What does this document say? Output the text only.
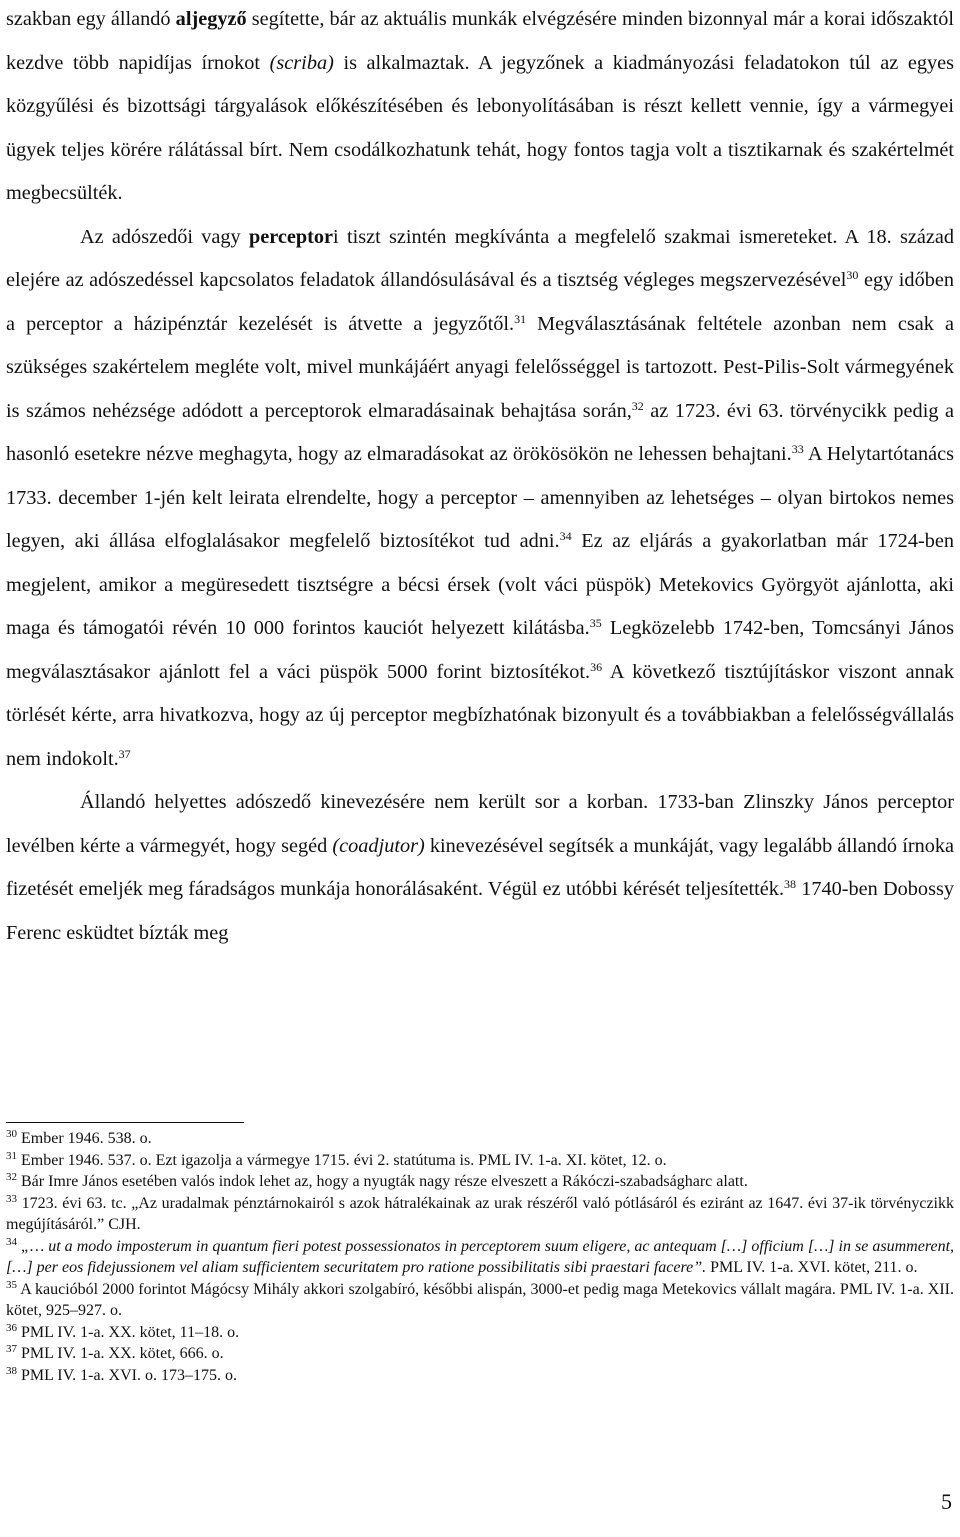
szakban egy állandó aljegyző segítette, bár az aktuális munkák elvégzésére minden bizonnyal már a korai időszaktól kezdve több napidíjas írnokot (scriba) is alkalmaztak. A jegyzőnek a kiadmányozási feladatokon túl az egyes közgyűlési és bizottsági tárgyalások előkészítésében és lebonyolításában is részt kellett vennie, így a vármegyei ügyek teljes körére rálátással bírt. Nem csodálkozhatunk tehát, hogy fontos tagja volt a tisztikarnak és szakértelmét megbecsülték.

Az adószedői vagy perceptori tiszt szintén megkívánta a megfelelő szakmai ismereteket. A 18. század elejére az adószedéssel kapcsolatos feladatok állandósulásával és a tisztség végleges megszervezésével$^{30}$ egy időben a perceptor a házipénztár kezelését is átvette a jegyzőtől.$^{31}$ Megválasztásának feltétele azonban nem csak a szükséges szakértelem megléte volt, mivel munkájáért anyagi felelősséggel is tartozott. Pest-Pilis-Solt vármegyének is számos nehézsége adódott a perceptorok elmaradásainak behajtása során,$^{32}$ az 1723. évi 63. törvénycikk pedig a hasonló esetekre nézve meghagyta, hogy az elmaradásokat az örökösökön ne lehessen behajtani.$^{33}$ A Helytartótanács 1733. december 1-jén kelt leirata elrendelte, hogy a perceptor – amennyiben az lehetséges – olyan birtokos nemes legyen, aki állása elfoglalásakor megfelelő biztosítékot tud adni.$^{34}$ Ez az eljárás a gyakorlatban már 1724-ben megjelent, amikor a megüresedett tisztségre a bécsi érsek (volt váci püspök) Metekovics Györgyöt ajánlotta, aki maga és támogatói révén 10 000 forintos kauciót helyezett kilátásba.$^{35}$ Legközelebb 1742-ben, Tomcsányi János megválasztásakor ajánlott fel a váci püspök 5000 forint biztosítékot.$^{36}$ A következő tisztújításkor viszont annak törlését kérte, arra hivatkozva, hogy az új perceptor megbízhatónak bizonyult és a továbbiakban a felelősségvállalás nem indokolt.$^{37}$

Állandó helyettes adószedő kinevezésére nem került sor a korban. 1733-ban Zlinszky János perceptor levélben kérte a vármegyét, hogy segéd (coadjutor) kinevezésével segítsék a munkáját, vagy legalább állandó írnoka fizetését emeljék meg fáradságos munkája honorálásaként. Végül ez utóbbi kérését teljesítették.$^{38}$ 1740-ben Dobossy Ferenc esküdtet bízták meg

$^{30}$ Ember 1946. 538. o.

$^{31}$ Ember 1946. 537. o. Ezt igazolja a vármegye 1715. évi 2. statútuma is. PML IV. 1-a. XI. kötet, 12. o.

$^{32}$ Bár Imre János esetében valós indok lehet az, hogy a nyugták nagy része elveszett a Rákóczi-szabadságharc alatt.

$^{33}$ 1723. évi 63. tc. „Az uradalmak pénztárnokairól s azok hátralékainak az urak részéről való pótlásáról és eziránt az 1647. évi 37-ik törvényczikk megújításáról.” CJH.

$^{34}$ „… ut a modo imposterum in quantum fieri potest possessionatos in perceptorem suum eligere, ac antequam […] officium […] in se asummerent, […] per eos fidejussionem vel aliam sufficientem securitatem pro ratione possibilitatis sibi praestari facere”. PML IV. 1-a. XVI. kötet, 211. o.

$^{35}$ A kaucióból 2000 forintot Mágócsy Mihály akkori szolgabíró, későbbi alispán, 3000-et pedig maga Metekovics vállalt magára. PML IV. 1-a. XII. kötet, 925–927. o.

$^{36}$ PML IV. 1-a. XX. kötet, 11–18. o.

$^{37}$ PML IV. 1-a. XX. kötet, 666. o.

$^{38}$ PML IV. 1-a. XVI. o. 173–175. o.

5
